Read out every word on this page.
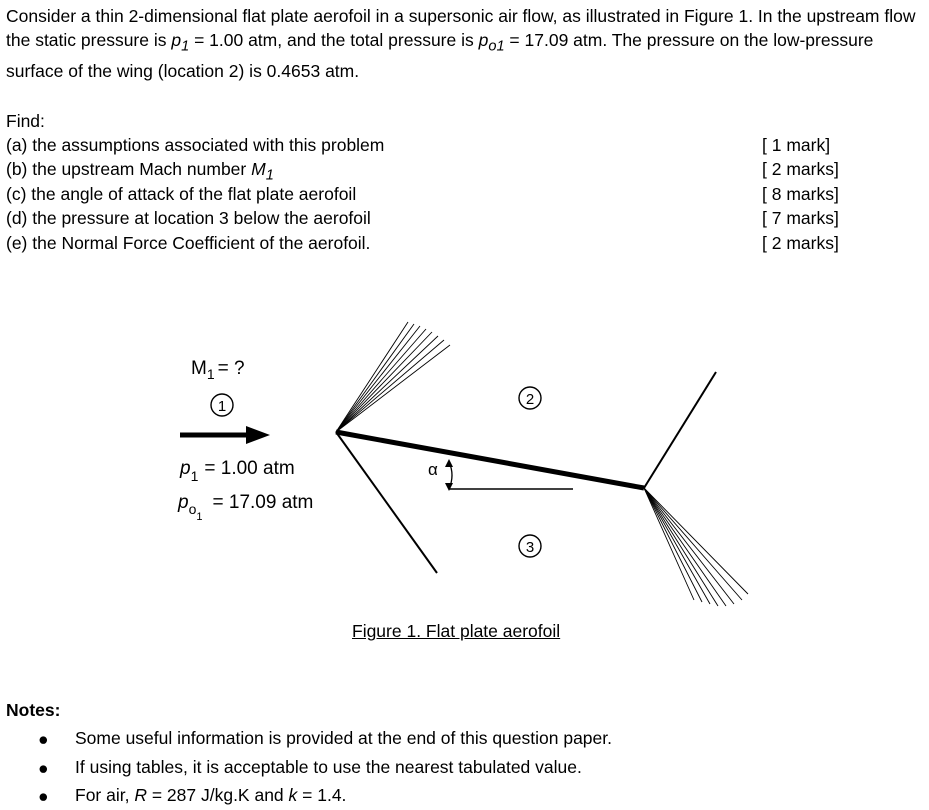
Consider a thin 2-dimensional flat plate aerofoil in a supersonic air flow, as illustrated in Figure 1. In the upstream flow the static pressure is $p_1 = 1.00$ atm, and the total pressure is $p_{o1} = 17.09$ atm. The pressure on the low-pressure surface of the wing (location 2) is 0.4653 atm.

Find:
(a) the assumptions associated with this problem	[ 1 mark]
(b) the upstream Mach number $M_1$	[ 2 marks]
(c) the angle of attack of the flat plate aerofoil	[ 8 marks]
(d) the pressure at location 3 below the aerofoil	[ 7 marks]
(e) the Normal Force Coefficient of the aerofoil.	[ 2 marks]
$M_1$ = ?
1
$p_1 = 1.00$ atm
$p_{o1}= 17.09$ atm
2
3
α
Figure 1. Flat plate aerofoil
Notes:
● Some useful information is provided at the end of this question paper.
● If using tables, it is acceptable to use the nearest tabulated value.
● For air, R = 287 J/kg.K and k = 1.4.
